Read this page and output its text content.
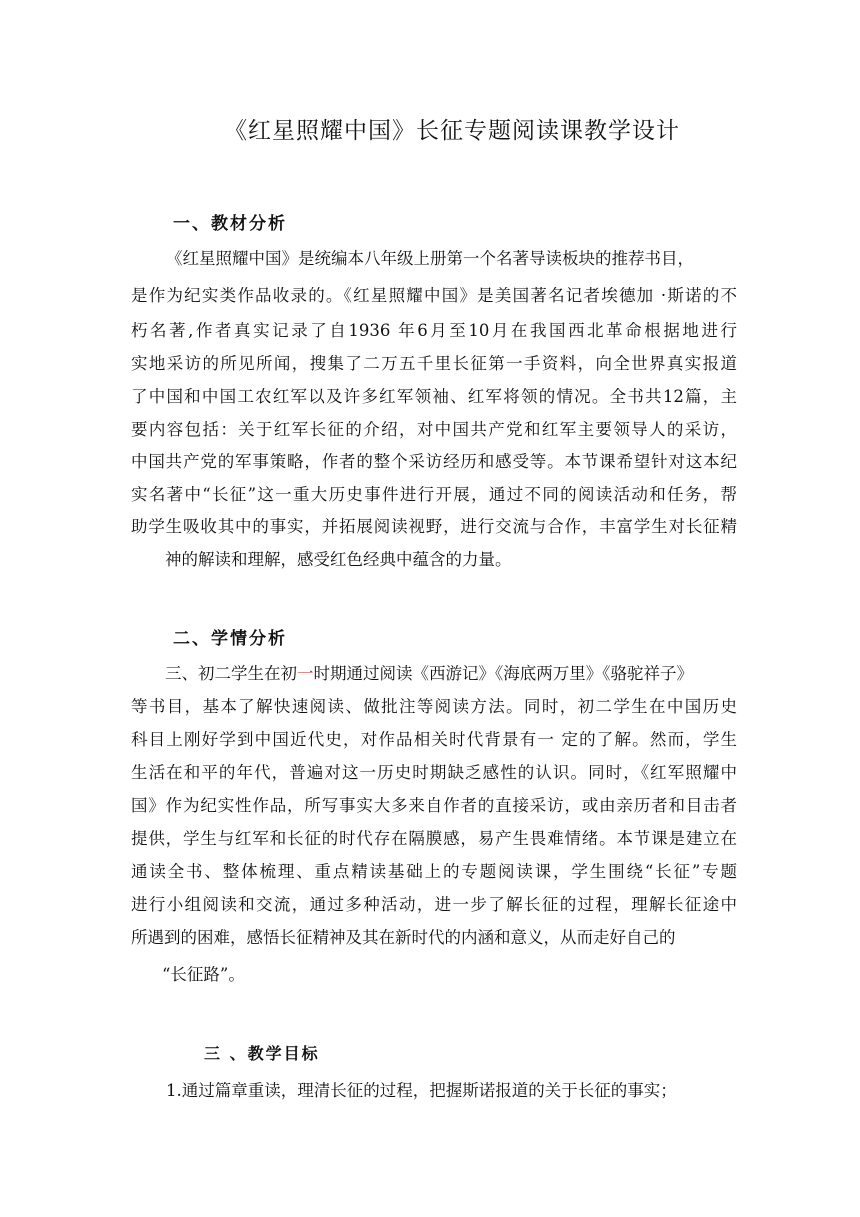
《红星照耀中国》长征专题阅读课教学设计
一、教材分析
《红星照耀中国》是统编本八年级上册第一个名著导读板块的推荐书目，
是作为纪实类作品收录的。《红星照耀中国》是美国著名记者埃德加 ·斯诺的不
朽名著,作者真实记录了自1936 年6月至10月在我国西北革命根据地进行
实地采访的所见所闻，搜集了二万五千里长征第一手资料，向全世界真实报道
了中国和中国工农红军以及许多红军领袖、红军将领的情况。全书共12篇，主
要内容包括：关于红军长征的介绍，对中国共产党和红军主要领导人的采访，
中国共产党的军事策略，作者的整个采访经历和感受等。本节课希望针对这本纪
实名著中“长征”这一重大历史事件进行开展，通过不同的阅读活动和任务，帮
助学生吸收其中的事实，并拓展阅读视野，进行交流与合作，丰富学生对长征精
神的解读和理解，感受红色经典中蕴含的力量。
二、学情分析
三、初二学生在初一时期通过阅读《西游记》《海底两万里》《骆驼祥子》
等书目，基本了解快速阅读、做批注等阅读方法。同时，初二学生在中国历史
科目上刚好学到中国近代史，对作品相关时代背景有一 定的了解。然而，学生
生活在和平的年代，普遍对这一历史时期缺乏感性的认识。同时，《红军照耀中
国》作为纪实性作品，所写事实大多来自作者的直接采访，或由亲历者和目击者
提供，学生与红军和长征的时代存在隔膜感，易产生畏难情绪。本节课是建立在
通读全书、整体梳理、重点精读基础上的专题阅读课，学生围绕“长征”专题
进行小组阅读和交流，通过多种活动，进一步了解长征的过程，理解长征途中
所遇到的困难，感悟长征精神及其在新时代的内涵和意义，从而走好自己的
“长征路”。
三 、教学目标
1.通过篇章重读，理清长征的过程，把握斯诺报道的关于长征的事实；
